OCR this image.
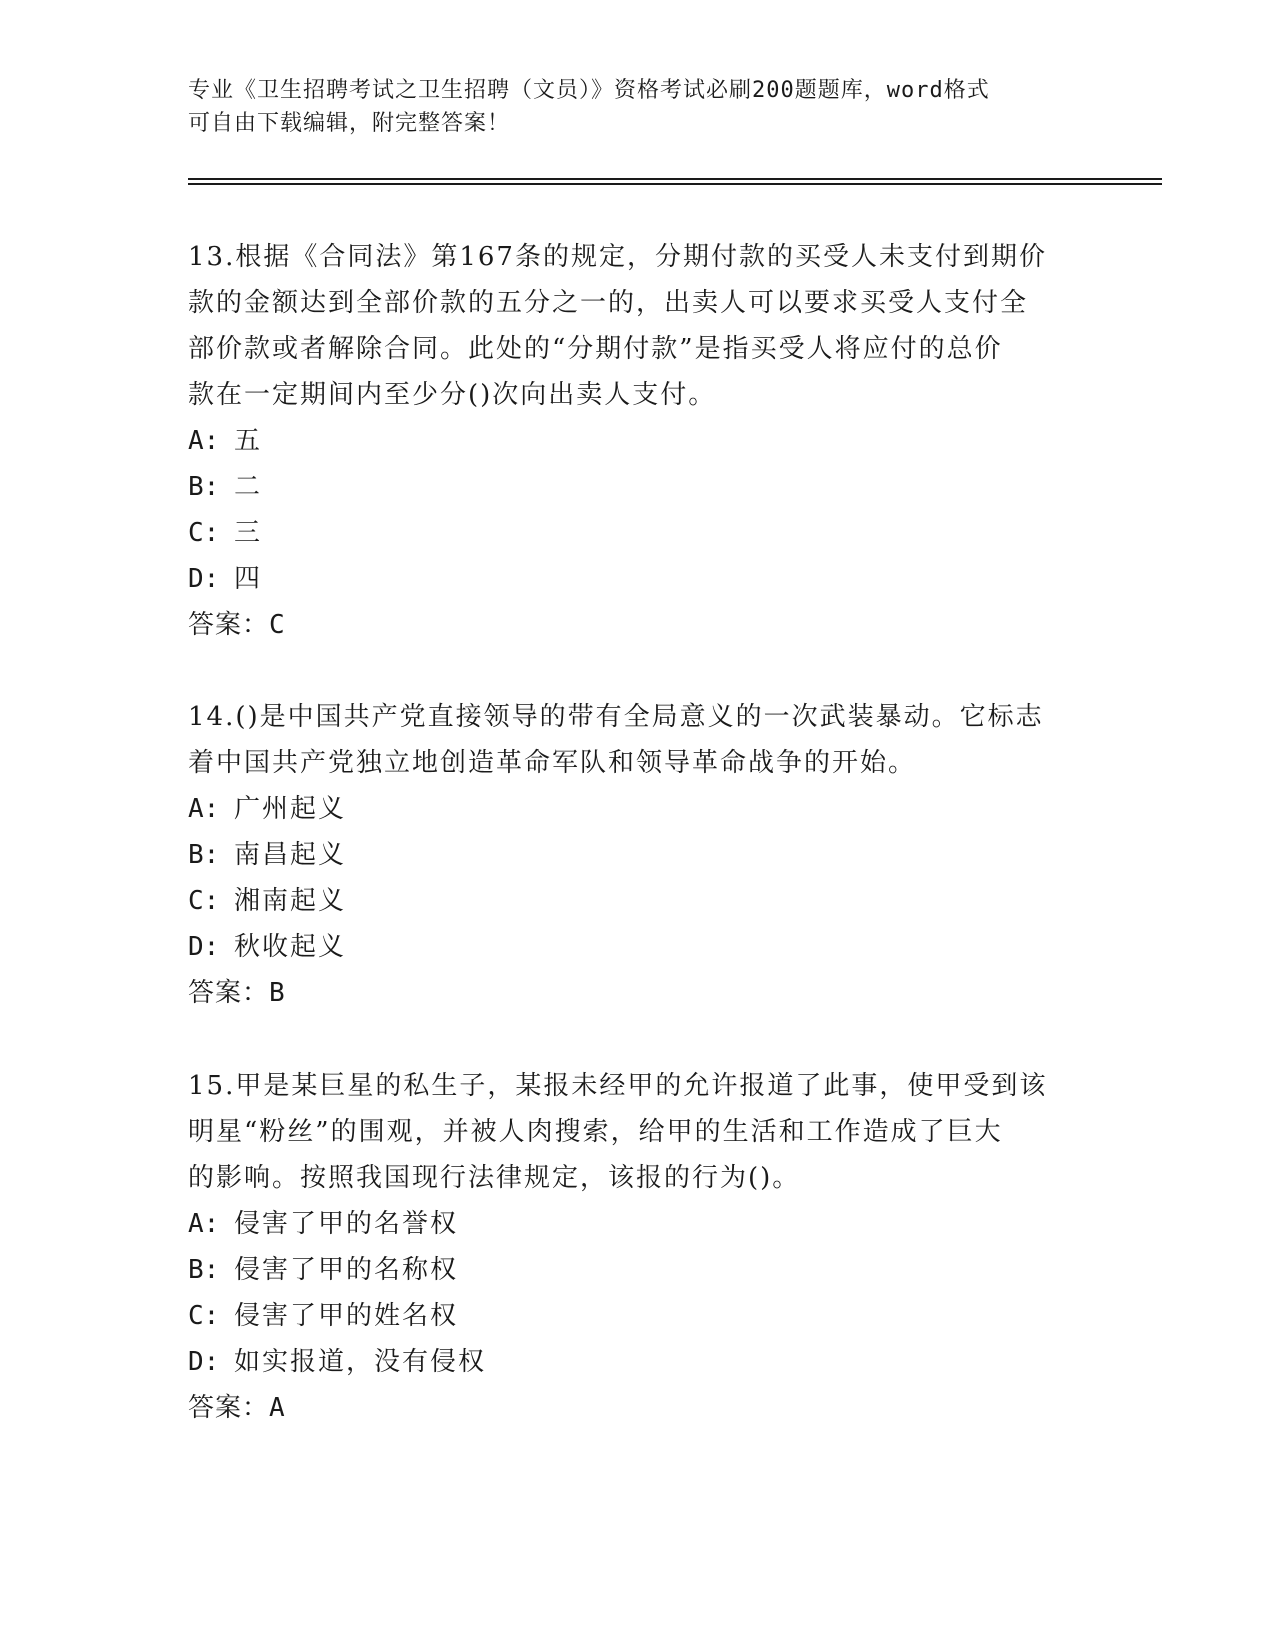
专业《卫生招聘考试之卫生招聘（文员）》资格考试必刷200题题库，word格式
可自由下载编辑，附完整答案！
13.根据《合同法》第167条的规定，分期付款的买受人未支付到期价
款的金额达到全部价款的五分之一的，出卖人可以要求买受人支付全
部价款或者解除合同。此处的“分期付款”是指买受人将应付的总价
款在一定期间内至少分()次向出卖人支付。
A: 五
B: 二
C: 三
D: 四
答案：C
14.()是中国共产党直接领导的带有全局意义的一次武装暴动。它标志
着中国共产党独立地创造革命军队和领导革命战争的开始。
A: 广州起义
B: 南昌起义
C: 湘南起义
D: 秋收起义
答案：B
15.甲是某巨星的私生子，某报未经甲的允许报道了此事，使甲受到该
明星“粉丝”的围观，并被人肉搜索，给甲的生活和工作造成了巨大
的影响。按照我国现行法律规定，该报的行为()。
A: 侵害了甲的名誉权
B: 侵害了甲的名称权
C: 侵害了甲的姓名权
D: 如实报道，没有侵权
答案：A
